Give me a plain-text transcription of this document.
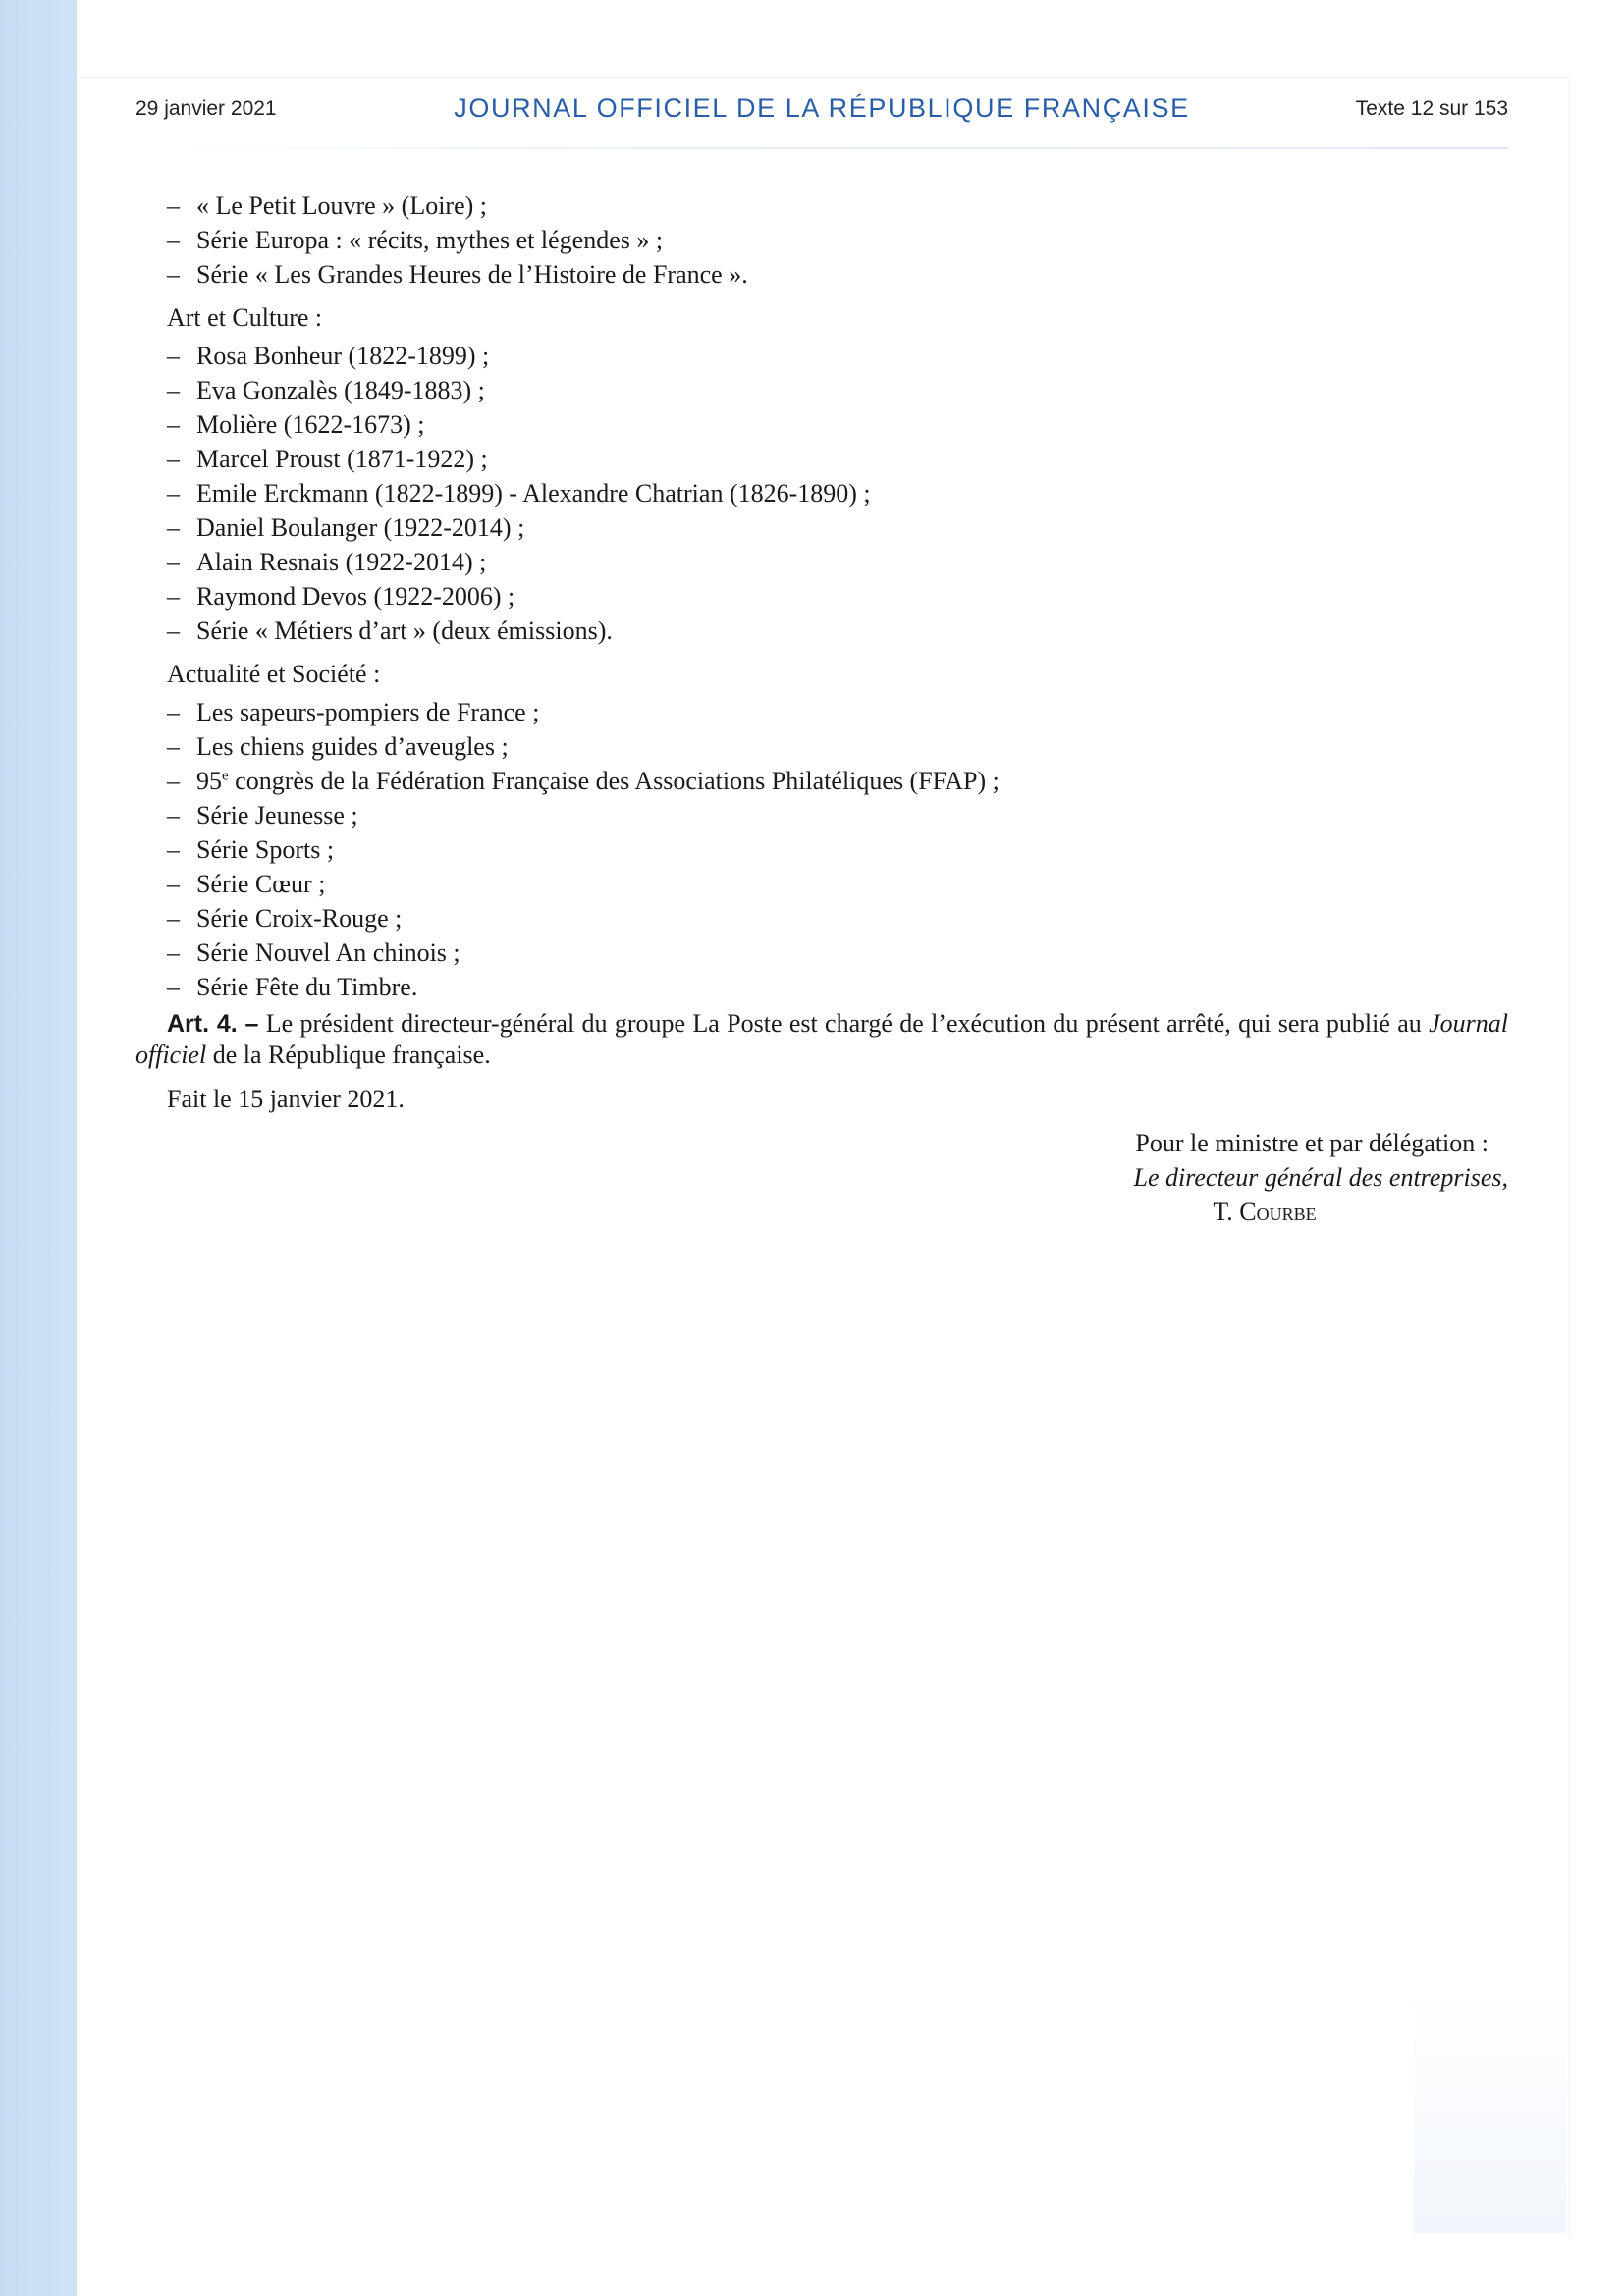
29 janvier 2021	JOURNAL OFFICIEL DE LA RÉPUBLIQUE FRANÇAISE	Texte 12 sur 153
– « Le Petit Louvre » (Loire) ;
– Série Europa : « récits, mythes et légendes » ;
– Série « Les Grandes Heures de l’Histoire de France ».
Art et Culture :
– Rosa Bonheur (1822-1899) ;
– Eva Gonzalès (1849-1883) ;
– Molière (1622-1673) ;
– Marcel Proust (1871-1922) ;
– Emile Erckmann (1822-1899) - Alexandre Chatrian (1826-1890) ;
– Daniel Boulanger (1922-2014) ;
– Alain Resnais (1922-2014) ;
– Raymond Devos (1922-2006) ;
– Série « Métiers d’art » (deux émissions).
Actualité et Société :
– Les sapeurs-pompiers de France ;
– Les chiens guides d’aveugles ;
– 95e congrès de la Fédération Française des Associations Philatéliques (FFAP) ;
– Série Jeunesse ;
– Série Sports ;
– Série Cœur ;
– Série Croix-Rouge ;
– Série Nouvel An chinois ;
– Série Fête du Timbre.
Art. 4. – Le président directeur-général du groupe La Poste est chargé de l’exécution du présent arrêté, qui sera publié au Journal officiel de la République française.
Fait le 15 janvier 2021.
Pour le ministre et par délégation :
Le directeur général des entreprises,
T. Courbe
